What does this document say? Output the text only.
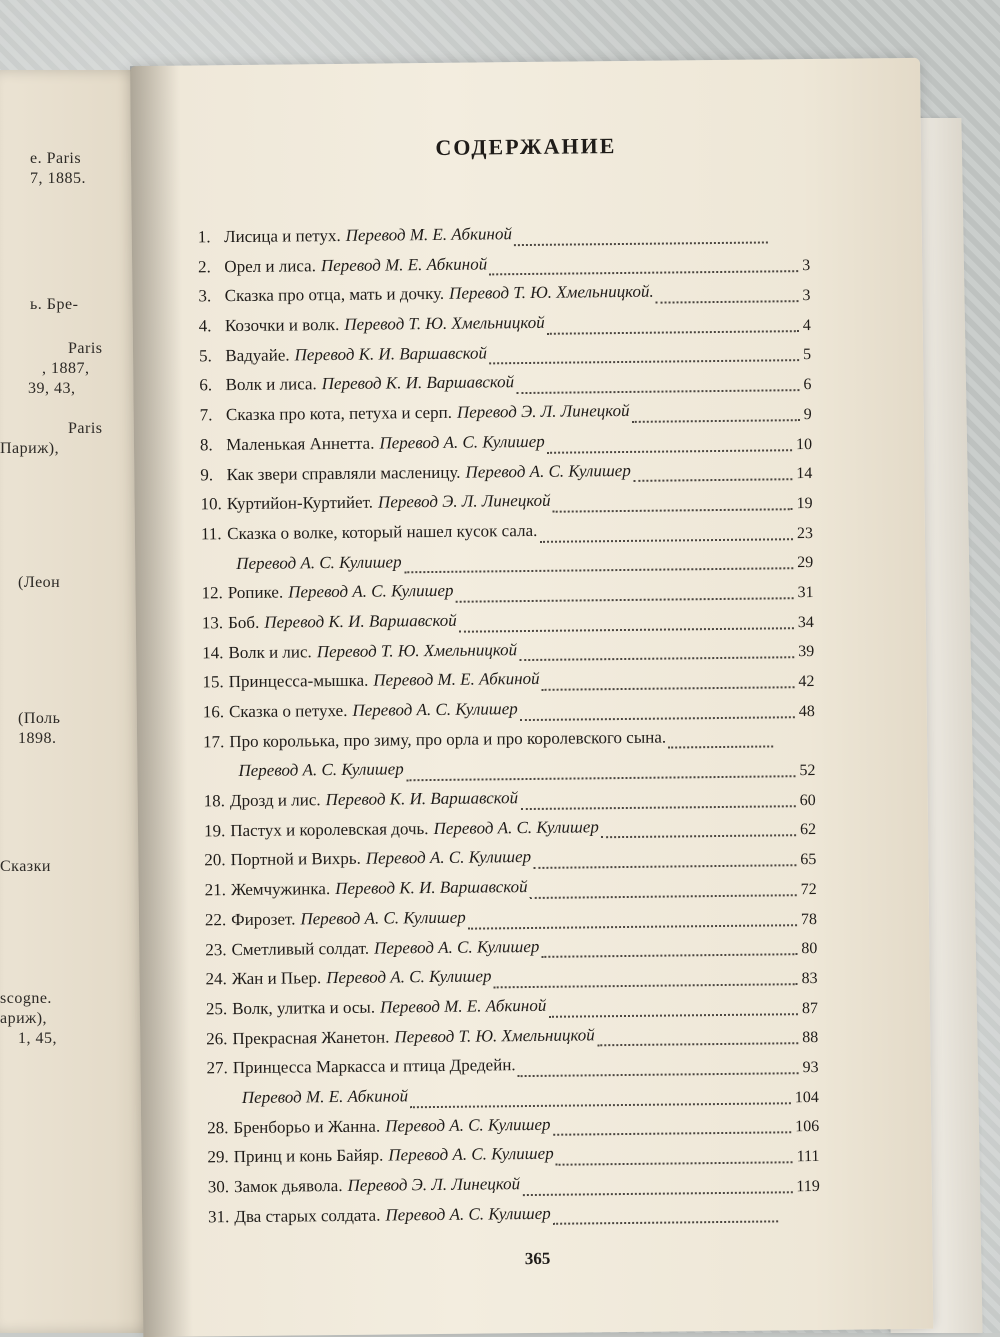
e. Paris
7, 1885.
ь. Бре-
Paris
, 1887,
39, 43,
Paris
Париж),
(Леон
(Поль
1898.
Сказки
scogne.
ариж),
1, 45,
СОДЕРЖАНИЕ
1. Лисица и петух. Перевод М. Е. Абкиной
2. Орел и лиса. Перевод М. Е. Абкиной	3
3. Сказка про отца, мать и дочку. Перевод Т. Ю. Хмельницкой.	3
4. Козочки и волк. Перевод Т. Ю. Хмельницкой	4
5. Вадуайе. Перевод К. И. Варшавской	5
6. Волк и лиса. Перевод К. И. Варшавской	6
7. Сказка про кота, петуха и серп. Перевод Э. Л. Линецкой	9
8. Маленькая Аннетта. Перевод А. С. Кулишер	10
9. Как звери справляли масленицу. Перевод А. С. Кулишер	14
10. Куртийон-Куртийет. Перевод Э. Л. Линецкой	19
11. Сказка о волке, который нашел кусок сала.	23
Перевод А. С. Кулишер	29
12. Ропике. Перевод А. С. Кулишер	31
13. Боб. Перевод К. И. Варшавской	34
14. Волк и лис. Перевод Т. Ю. Хмельницкой	39
15. Принцесса-мышка. Перевод М. Е. Абкиной	42
16. Сказка о петухе. Перевод А. С. Кулишер	48
17. Про корольька, про зиму, про орла и про королевского сына.
Перевод А. С. Кулишер	52
18. Дрозд и лис. Перевод К. И. Варшавской	60
19. Пастух и королевская дочь. Перевод А. С. Кулишер	62
20. Портной и Вихрь. Перевод А. С. Кулишер	65
21. Жемчужинка. Перевод К. И. Варшавской	72
22. Фирозет. Перевод А. С. Кулишер	78
23. Сметливый солдат. Перевод А. С. Кулишер	80
24. Жан и Пьер. Перевод А. С. Кулишер	83
25. Волк, улитка и осы. Перевод М. Е. Абкиной	87
26. Прекрасная Жанетон. Перевод Т. Ю. Хмельницкой	88
27. Принцесса Маркасса и птица Дредейн.	93
Перевод М. Е. Абкиной	104
28. Бренборьо и Жанна. Перевод А. С. Кулишер	106
29. Принц и конь Байяр. Перевод А. С. Кулишер	111
30. Замок дьявола. Перевод Э. Л. Линецкой	119
31. Два старых солдата. Перевод А. С. Кулишер
365
